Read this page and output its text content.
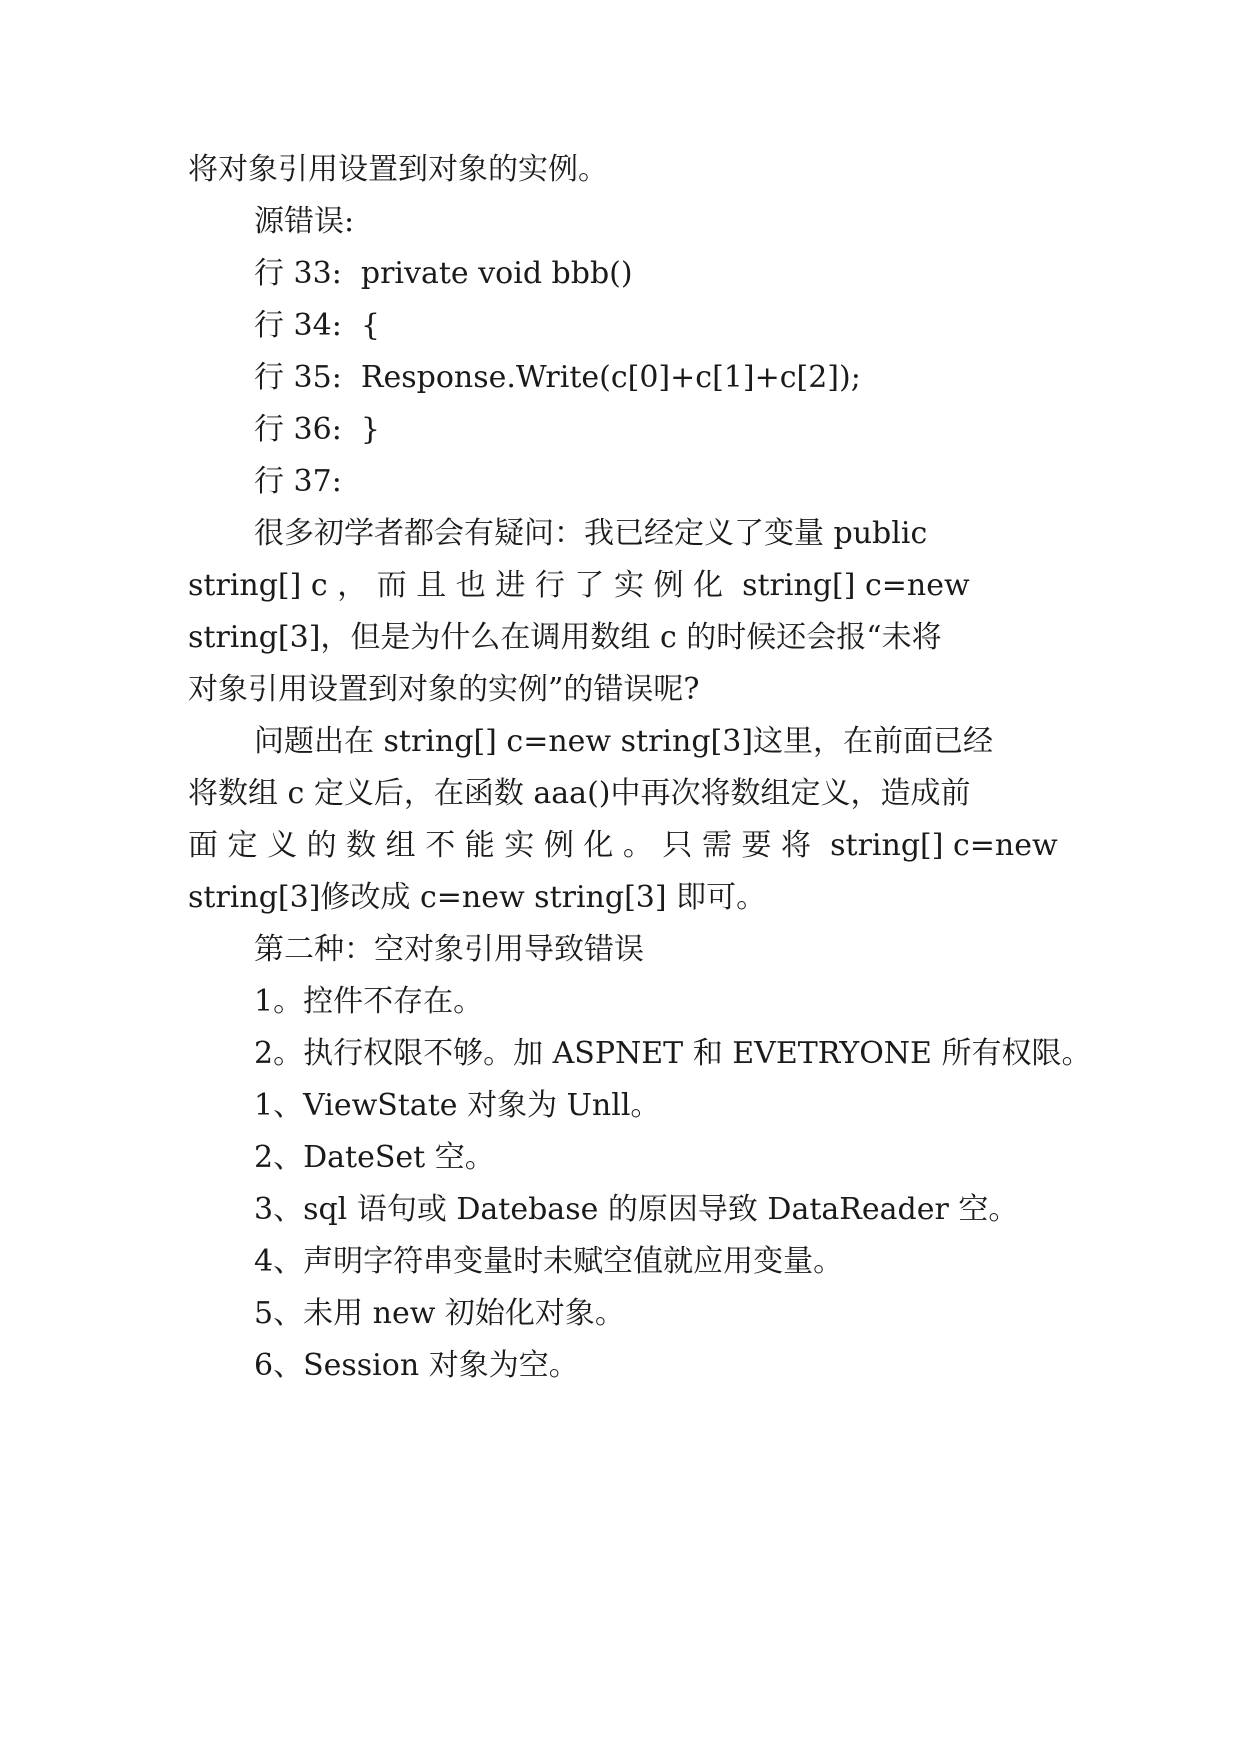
将对象引用设置到对象的实例。
源错误:
行 33:  private void bbb()
行 34:  {
行 35:  Response.Write(c[0]+c[1]+c[2]);
行 36:  }
行 37:
很多初学者都会有疑问：我已经定义了变量 public
string[] c ， 而 且 也 进 行 了 实 例 化  string[] c=new
string[3]，但是为什么在调用数组 c 的时候还会报“未将
对象引用设置到对象的实例”的错误呢?
问题出在 string[] c=new string[3]这里，在前面已经
将数组 c 定义后，在函数 aaa()中再次将数组定义，造成前
面 定 义 的 数 组 不 能 实 例 化 。 只 需 要 将  string[] c=new
string[3]修改成 c=new string[3] 即可。
第二种：空对象引用导致错误
1。控件不存在。
2。执行权限不够。加 ASPNET 和 EVETRYONE 所有权限。
1、ViewState 对象为 Unll。
2、DateSet 空。
3、sql 语句或 Datebase 的原因导致 DataReader 空。
4、声明字符串变量时未赋空值就应用变量。
5、未用 new 初始化对象。
6、Session 对象为空。
